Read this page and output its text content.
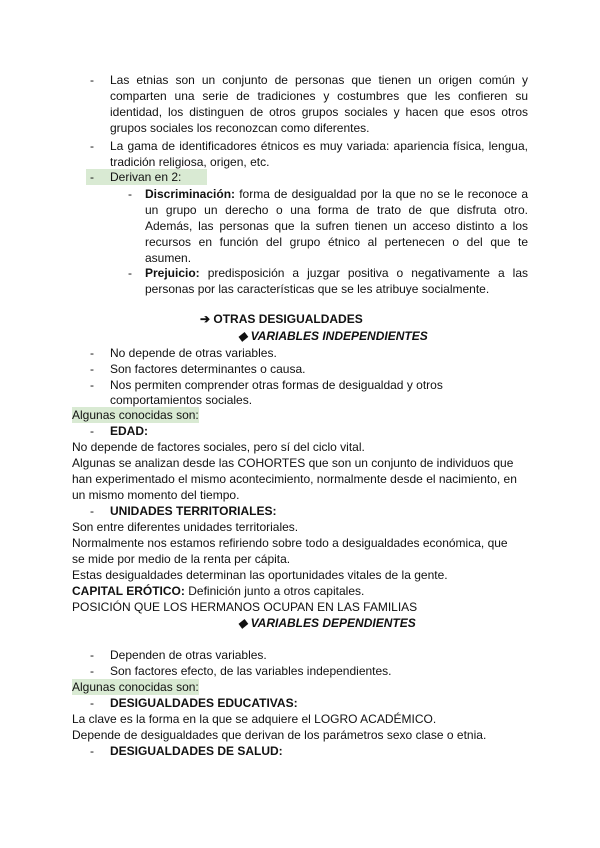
-	Las etnias son un conjunto de personas que tienen un origen común y
comparten una serie de tradiciones y costumbres que les confieren su
identidad, los distinguen de otros grupos sociales y hacen que esos otros
grupos sociales los reconozcan como diferentes.
-	La gama de identificadores étnicos es muy variada: apariencia física, lengua,
tradición religiosa, origen, etc.
-	Derivan en 2:
-	Discriminación: forma de desigualdad por la que no se le reconoce a
un grupo un derecho o una forma de trato de que disfruta otro.
Además, las personas que la sufren tienen un acceso distinto a los
recursos en función del grupo étnico al pertenecen o del que te
asumen.
-	Prejuicio: predisposición a juzgar positiva o negativamente a las
personas por las características que se les atribuye socialmente.
➔ OTRAS DESIGUALDADES
◆ VARIABLES INDEPENDIENTES
-	No depende de otras variables.
-	Son factores determinantes o causa.
-	Nos permiten comprender otras formas de desigualdad y otros
comportamientos sociales.
Algunas conocidas son:
-	EDAD:
No depende de factores sociales, pero sí del ciclo vital.
Algunas se analizan desde las COHORTES que son un conjunto de individuos que
han experimentado el mismo acontecimiento, normalmente desde el nacimiento, en
un mismo momento del tiempo.
-	UNIDADES TERRITORIALES:
Son entre diferentes unidades territoriales.
Normalmente nos estamos refiriendo sobre todo a desigualdades económica, que
se mide por medio de la renta per cápita.
Estas desigualdades determinan las oportunidades vitales de la gente.
CAPITAL ERÓTICO: Definición junto a otros capitales.
POSICIÓN QUE LOS HERMANOS OCUPAN EN LAS FAMILIAS
◆ VARIABLES DEPENDIENTES
-	Dependen de otras variables.
-	Son factores efecto, de las variables independientes.
Algunas conocidas son:
-	DESIGUALDADES EDUCATIVAS:
La clave es la forma en la que se adquiere el LOGRO ACADÉMICO.
Depende de desigualdades que derivan de los parámetros sexo clase o etnia.
-	DESIGUALDADES DE SALUD:
